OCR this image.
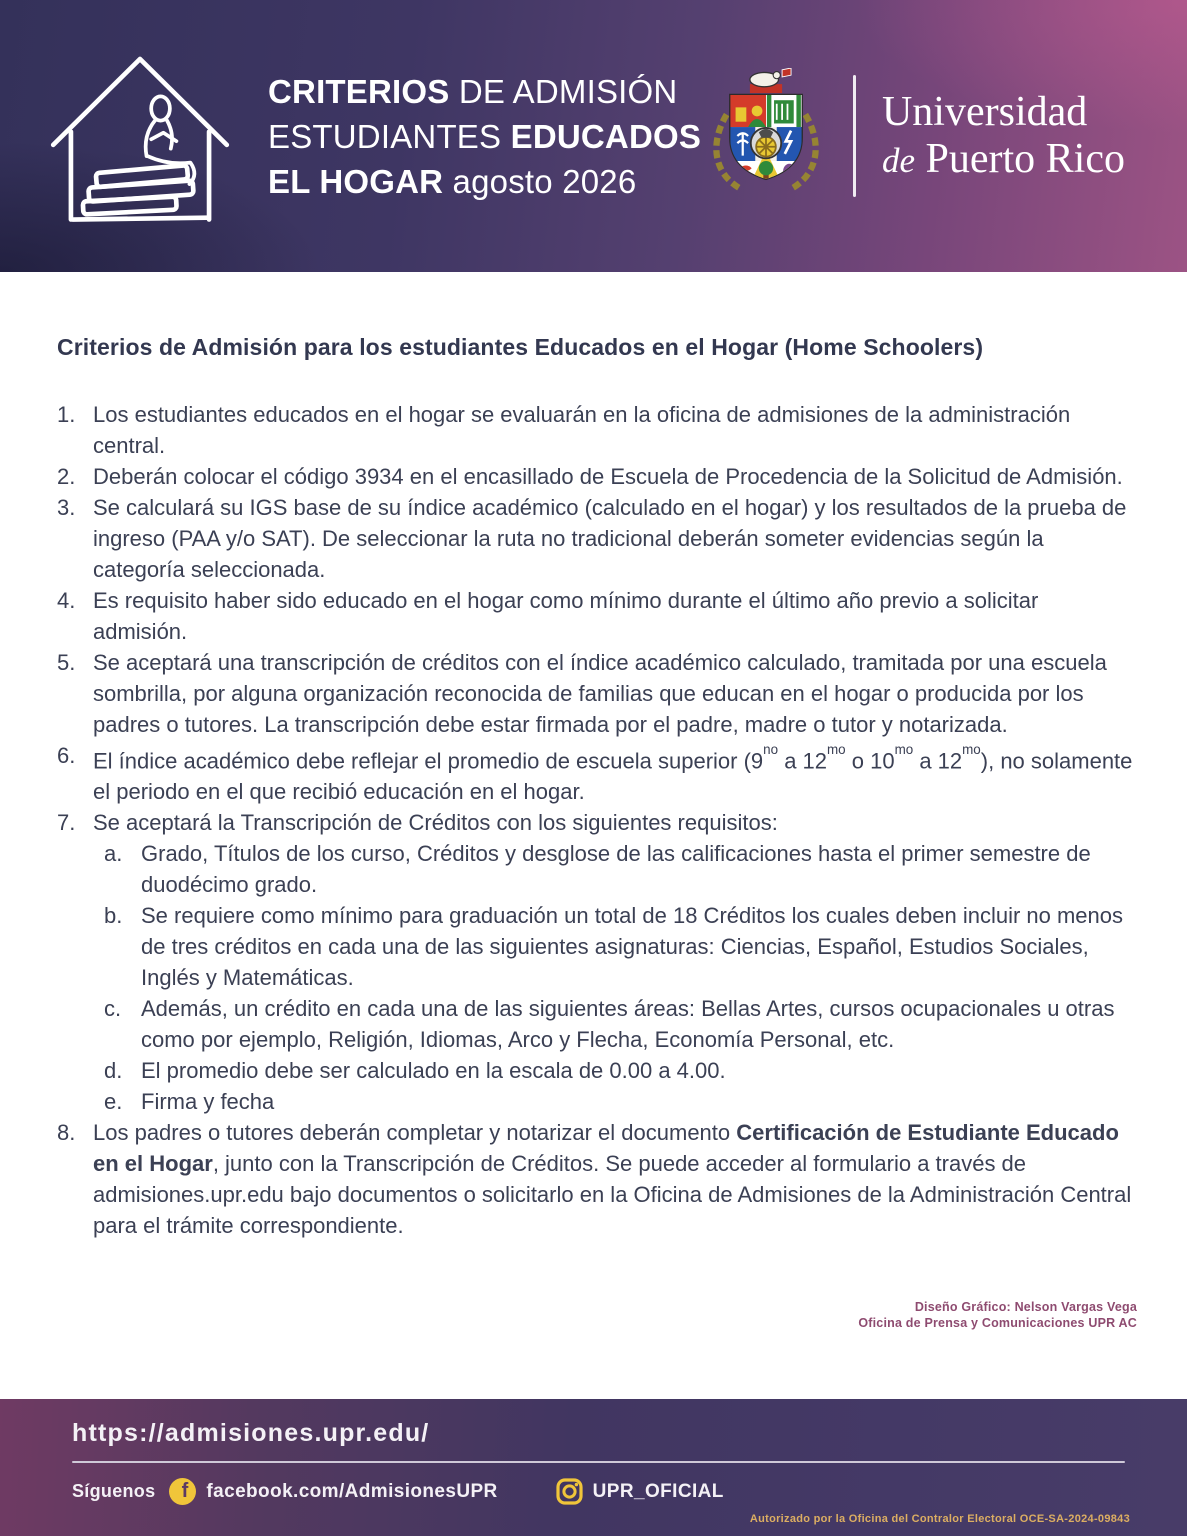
CRITERIOS DE ADMISIÓN
ESTUDIANTES EDUCADOS
EL HOGAR agosto 2026
Universidad
de Puerto Rico
Criterios de Admisión para los estudiantes Educados en el Hogar (Home Schoolers)
1. Los estudiantes educados en el hogar se evaluarán en la oficina de admisiones de la administración central.
2. Deberán colocar el código 3934 en el encasillado de Escuela de Procedencia de la Solicitud de Admisión.
3. Se calculará su IGS base de su índice académico (calculado en el hogar) y los resultados de la prueba de ingreso (PAA y/o SAT). De seleccionar la ruta no tradicional deberán someter evidencias según la categoría seleccionada.
4. Es requisito haber sido educado en el hogar como mínimo durante el último año previo a solicitar admisión.
5. Se aceptará una transcripción de créditos con el índice académico calculado, tramitada por una escuela sombrilla, por alguna organización reconocida de familias que educan en el hogar o producida por los padres o tutores. La transcripción debe estar firmada por el padre, madre o tutor y notarizada.
6. El índice académico debe reflejar el promedio de escuela superior ($9^{no}$ a $12^{mo}$ o $10^{mo}$ a $12^{mo}$), no solamente el periodo en el que recibió educación en el hogar.
7. Se aceptará la Transcripción de Créditos con los siguientes requisitos:
a. Grado, Títulos de los curso, Créditos y desglose de las calificaciones hasta el primer semestre de duodécimo grado.
b. Se requiere como mínimo para graduación un total de 18 Créditos los cuales deben incluir no menos de tres créditos en cada una de las siguientes asignaturas: Ciencias, Español, Estudios Sociales, Inglés y Matemáticas.
c. Además, un crédito en cada una de las siguientes áreas: Bellas Artes, cursos ocupacionales u otras como por ejemplo, Religión, Idiomas, Arco y Flecha, Economía Personal, etc.
d. El promedio debe ser calculado en la escala de 0.00 a 4.00.
e. Firma y fecha
8. Los padres o tutores deberán completar y notarizar el documento Certificación de Estudiante Educado en el Hogar, junto con la Transcripción de Créditos. Se puede acceder al formulario a través de admisiones.upr.edu bajo documentos o solicitarlo en la Oficina de Admisiones de la Administración Central para el trámite correspondiente.
Diseño Gráfico: Nelson Vargas Vega
Oficina de Prensa y Comunicaciones UPR AC
https://admisiones.upr.edu/
Síguenos	f facebook.com/AdmisionesUPR	UPR_OFICIAL
Autorizado por la Oficina del Contralor Electoral OCE-SA-2024-09843
